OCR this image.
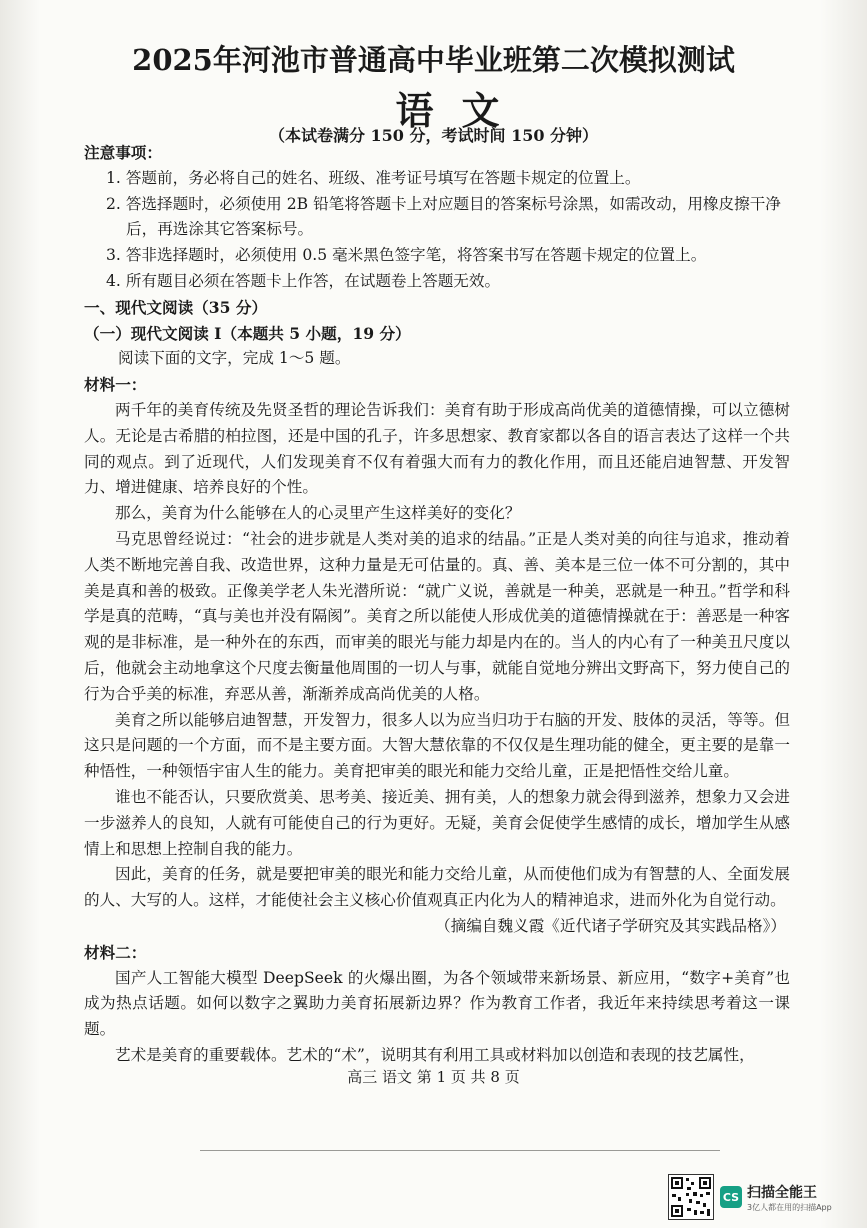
2025年河池市普通高中毕业班第二次模拟测试
语文
（本试卷满分 150 分，考试时间 150 分钟）

注意事项：

1. 答题前，务必将自己的姓名、班级、准考证号填写在答题卡规定的位置上。

2. 答选择题时，必须使用 2B 铅笔将答题卡上对应题目的答案标号涂黑，如需改动，用橡皮擦干净后，再选涂其它答案标号。

3. 答非选择题时，必须使用 0.5 毫米黑色签字笔，将答案书写在答题卡规定的位置上。

4. 所有题目必须在答题卡上作答，在试题卷上答题无效。

一、现代文阅读（35 分）

（一）现代文阅读 I（本题共 5 小题，19 分）

阅读下面的文字，完成 1～5 题。

材料一：

两千年的美育传统及先贤圣哲的理论告诉我们：美育有助于形成高尚优美的道德情操，可以立德树人。无论是古希腊的柏拉图，还是中国的孔子，许多思想家、教育家都以各自的语言表达了这样一个共同的观点。到了近现代，人们发现美育不仅有着强大而有力的教化作用，而且还能启迪智慧、开发智力、增进健康、培养良好的个性。

那么，美育为什么能够在人的心灵里产生这样美好的变化？

马克思曾经说过：“社会的进步就是人类对美的追求的结晶。”正是人类对美的向往与追求，推动着人类不断地完善自我、改造世界，这种力量是无可估量的。真、善、美本是三位一体不可分割的，其中美是真和善的极致。正像美学老人朱光潜所说：“就广义说，善就是一种美，恶就是一种丑。”哲学和科学是真的范畴，“真与美也并没有隔阂”。美育之所以能使人形成优美的道德情操就在于：善恶是一种客观的是非标准，是一种外在的东西，而审美的眼光与能力却是内在的。当人的内心有了一种美丑尺度以后，他就会主动地拿这个尺度去衡量他周围的一切人与事，就能自觉地分辨出文野高下，努力使自己的行为合乎美的标准，弃恶从善，渐渐养成高尚优美的人格。

美育之所以能够启迪智慧，开发智力，很多人以为应当归功于右脑的开发、肢体的灵活，等等。但这只是问题的一个方面，而不是主要方面。大智大慧依靠的不仅仅是生理功能的健全，更主要的是靠一种悟性，一种领悟宇宙人生的能力。美育把审美的眼光和能力交给儿童，正是把悟性交给儿童。

谁也不能否认，只要欣赏美、思考美、接近美、拥有美，人的想象力就会得到滋养，想象力又会进一步滋养人的良知，人就有可能使自己的行为更好。无疑，美育会促使学生感情的成长，增加学生从感情上和思想上控制自我的能力。

因此，美育的任务，就是要把审美的眼光和能力交给儿童，从而使他们成为有智慧的人、全面发展的人、大写的人。这样，才能使社会主义核心价值观真正内化为人的精神追求，进而外化为自觉行动。

（摘编自魏义霞《近代诸子学研究及其实践品格》）

材料二：

国产人工智能大模型 DeepSeek 的火爆出圈，为各个领域带来新场景、新应用，“数字+美育”也成为热点话题。如何以数字之翼助力美育拓展新边界？作为教育工作者，我近年来持续思考着这一课题。

艺术是美育的重要载体。艺术的“术”，说明其有利用工具或材料加以创造和表现的技艺属性，

高三 语文 第 1 页 共 8 页
CS 扫描全能王
3亿人都在用的扫描App
